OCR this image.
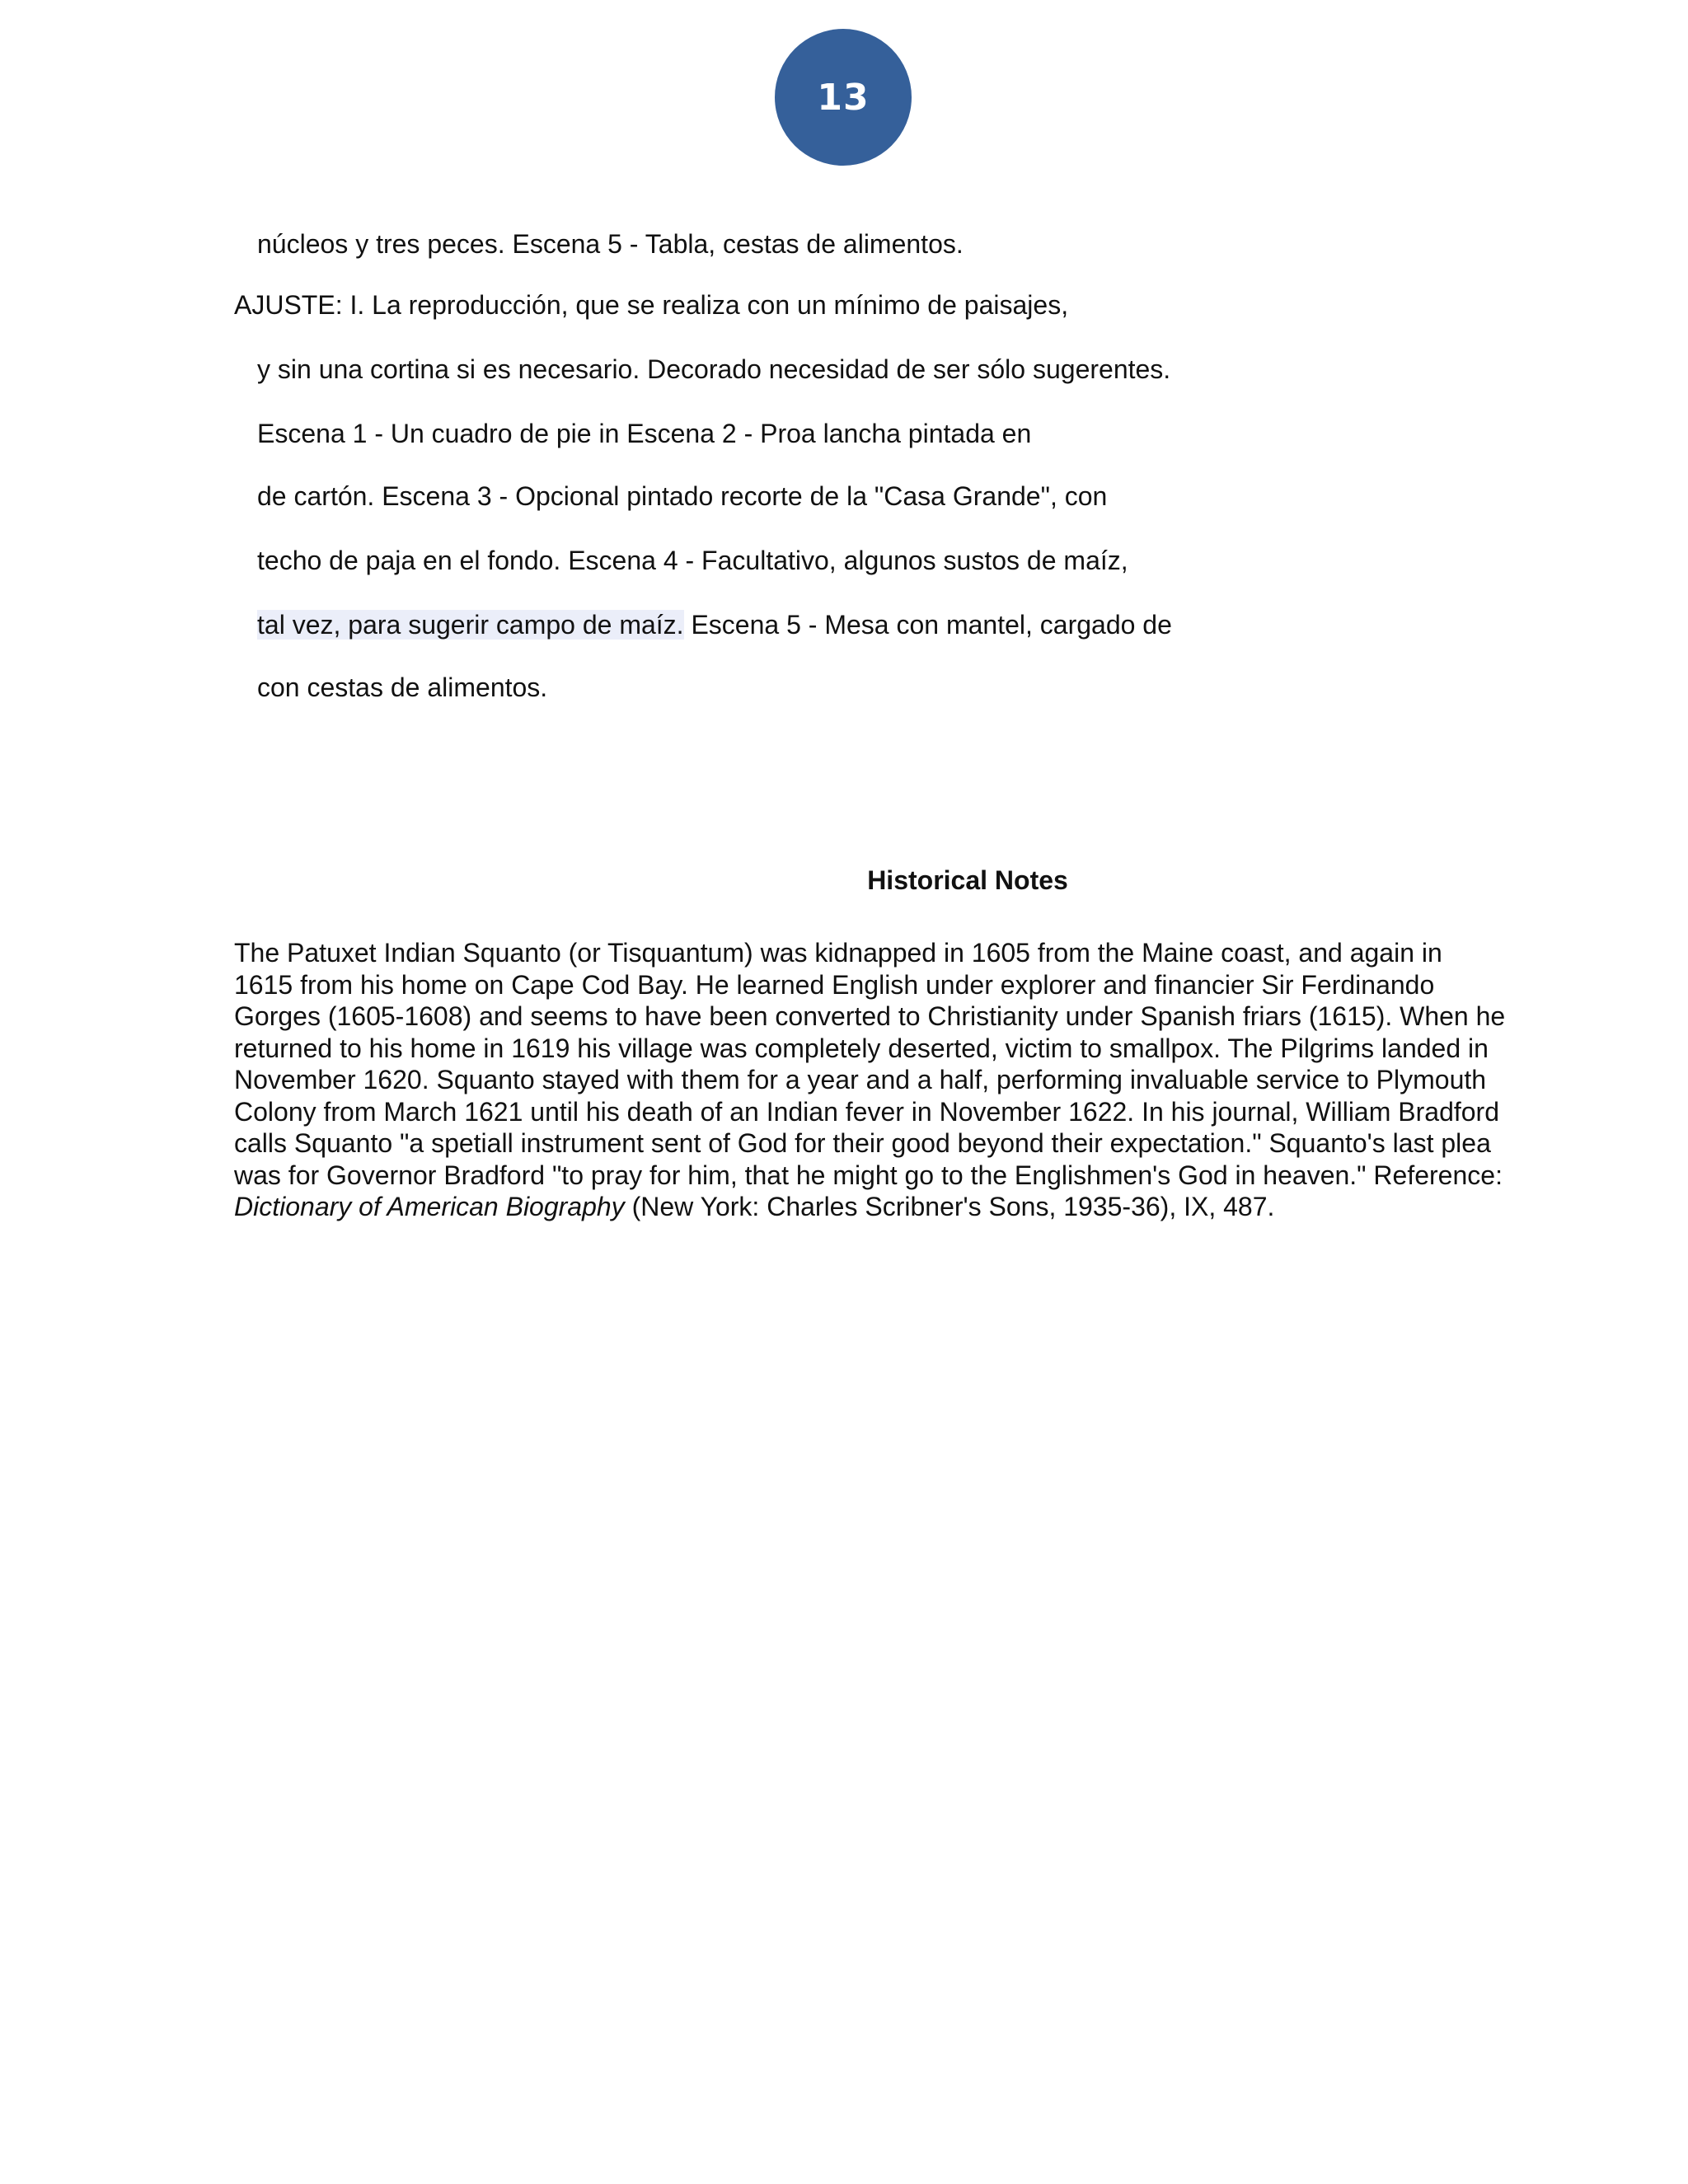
13
núcleos y tres peces. Escena 5 - Tabla, cestas de alimentos.
AJUSTE: I. La reproducción, que se realiza con un mínimo de paisajes,
y sin una cortina si es necesario. Decorado necesidad de ser sólo sugerentes.
Escena 1 - Un cuadro de pie in Escena 2 - Proa lancha pintada en
de cartón. Escena 3 - Opcional pintado recorte de la "Casa Grande", con
techo de paja en el fondo. Escena 4 - Facultativo, algunos sustos de maíz,
tal vez, para sugerir campo de maíz. Escena 5 - Mesa con mantel, cargado de
con cestas de alimentos.
Historical Notes
The Patuxet Indian Squanto (or Tisquantum) was kidnapped in 1605 from the Maine coast, and again in
1615 from his home on Cape Cod Bay. He learned English under explorer and financier Sir Ferdinando
Gorges (1605-1608) and seems to have been converted to Christianity under Spanish friars (1615). When he
returned to his home in 1619 his village was completely deserted, victim to smallpox. The Pilgrims landed in
November 1620. Squanto stayed with them for a year and a half, performing invaluable service to Plymouth
Colony from March 1621 until his death of an Indian fever in November 1622. In his journal, William Bradford
calls Squanto "a spetiall instrument sent of God for their good beyond their expectation." Squanto's last plea
was for Governor Bradford "to pray for him, that he might go to the Englishmen's God in heaven." Reference:
Dictionary of American Biography (New York: Charles Scribner's Sons, 1935-36), IX, 487.
